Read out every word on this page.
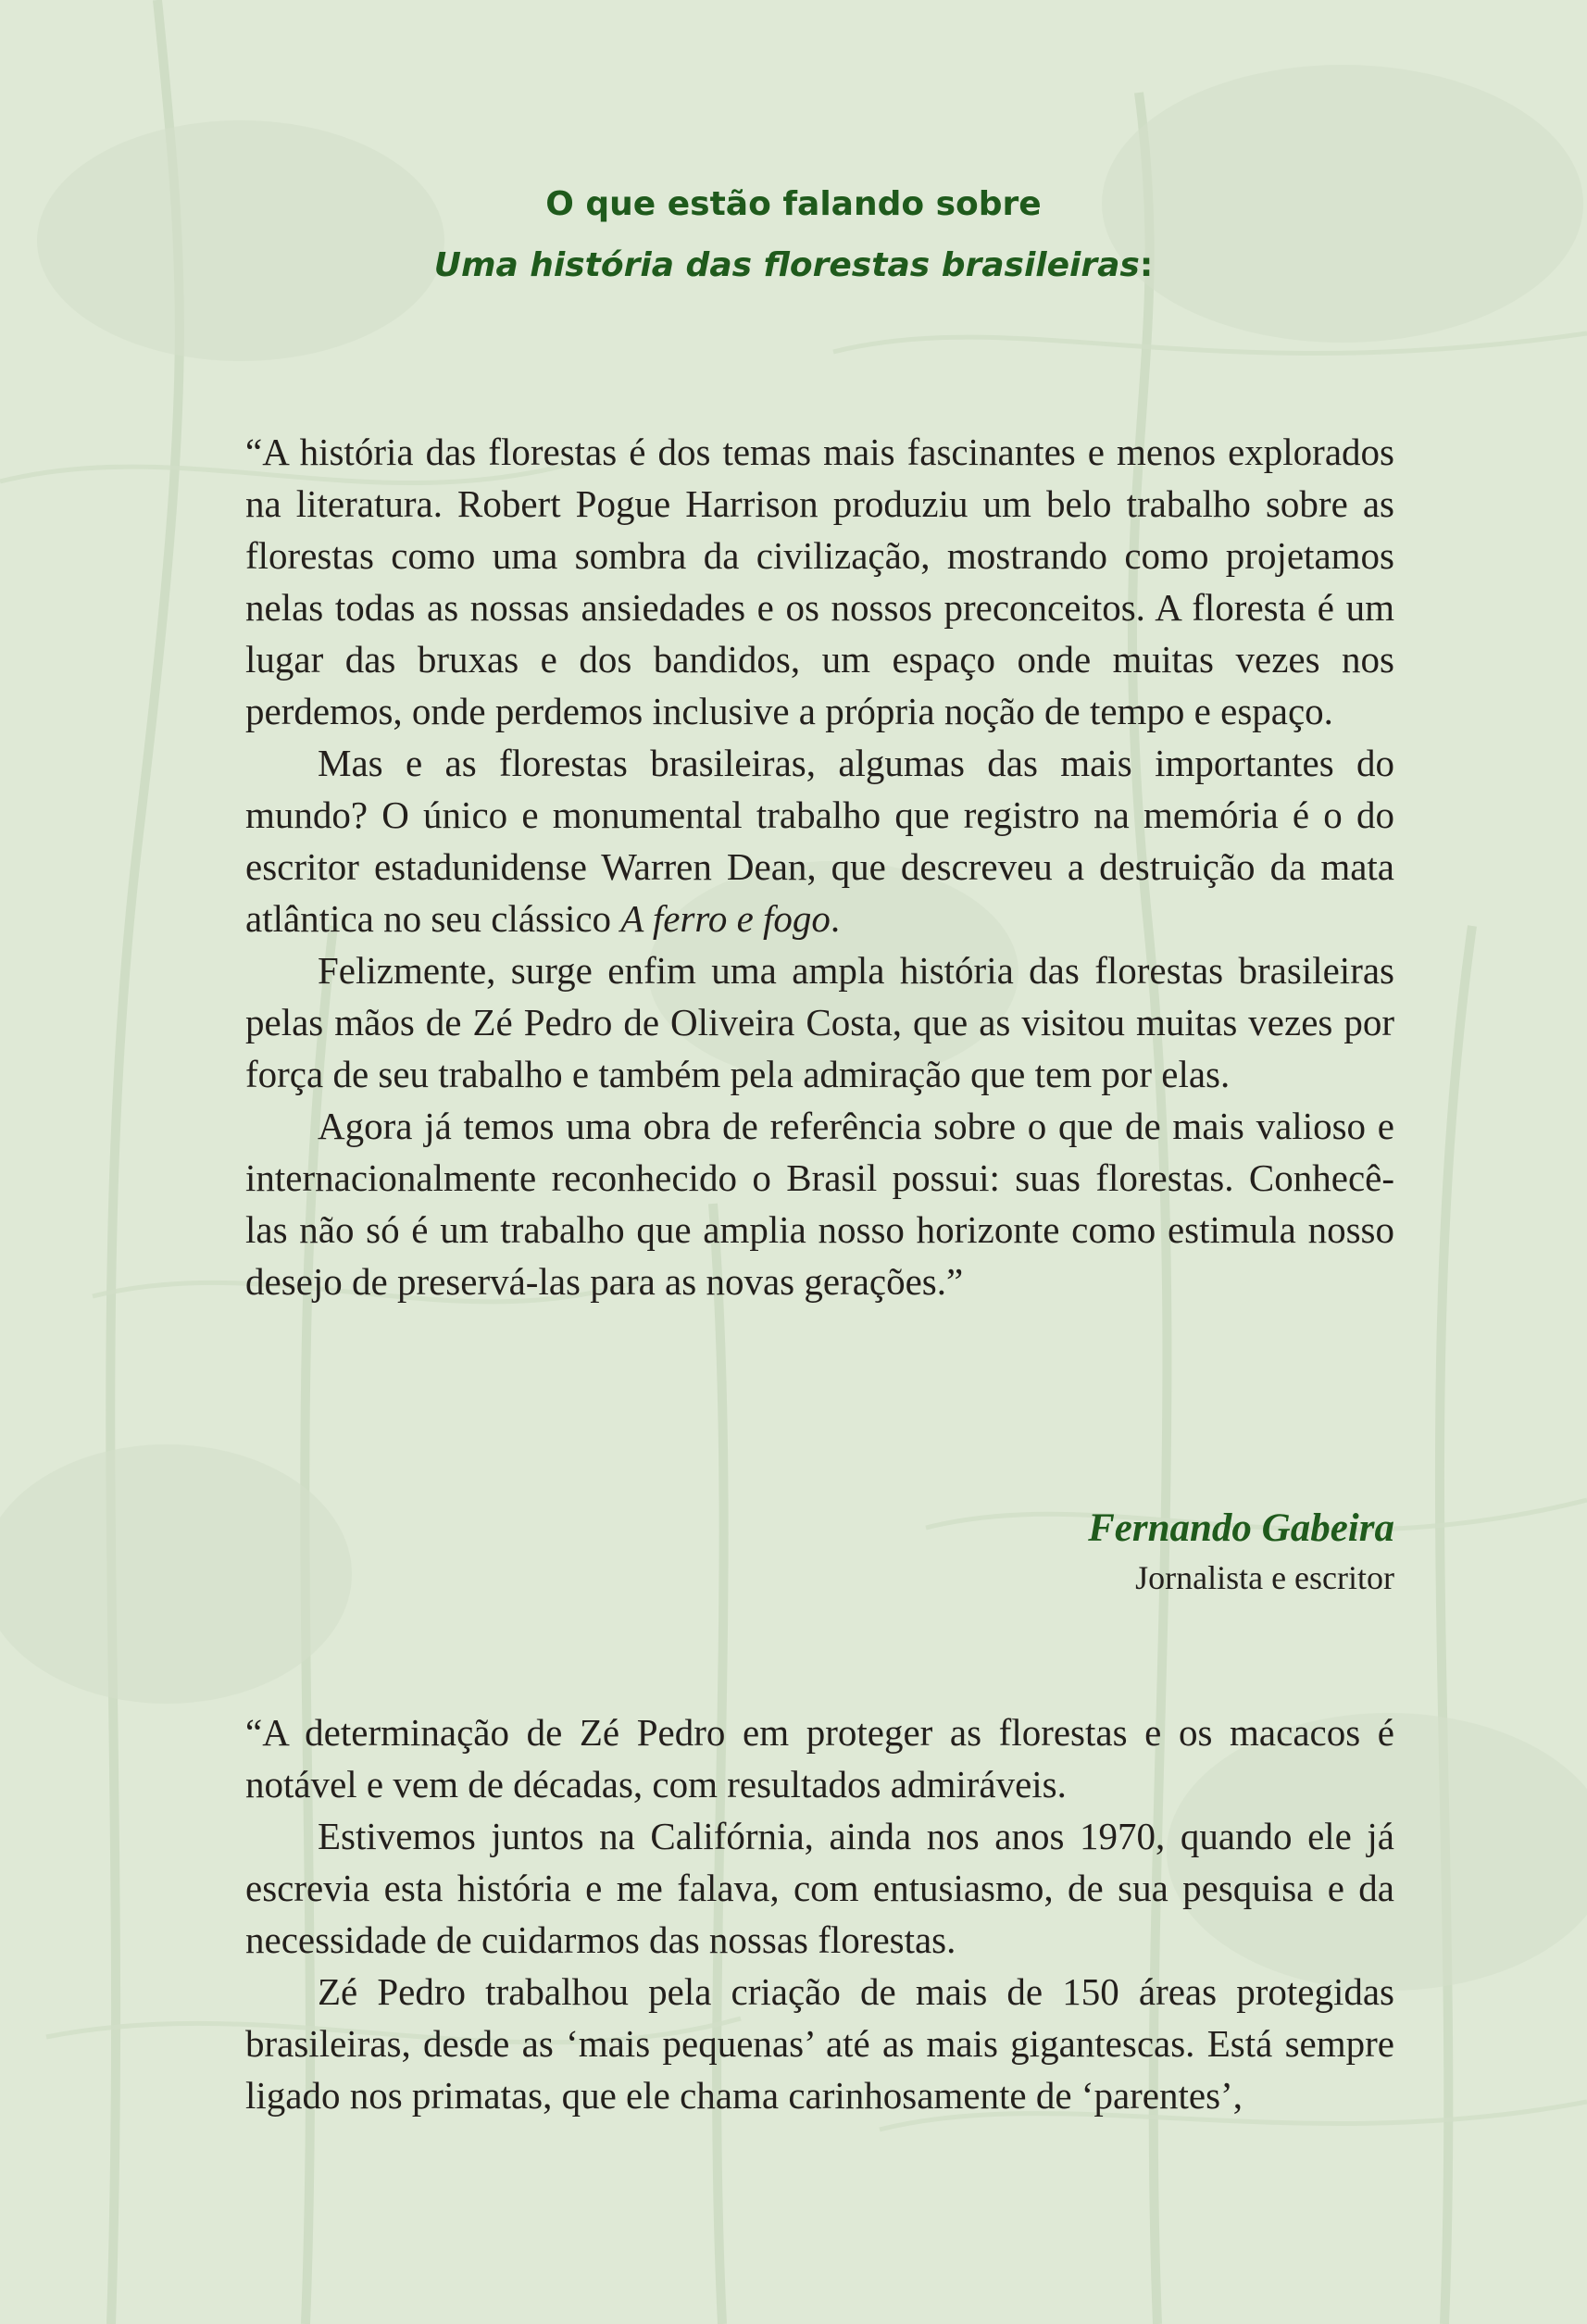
O que estão falando sobre
Uma história das florestas brasileiras:

“A história das florestas é dos temas mais fascinantes e menos explorados na literatura. Robert Pogue Harrison produziu um belo trabalho sobre as florestas como uma sombra da civilização, mostrando como projetamos nelas todas as nossas ansiedades e os nossos preconceitos. A floresta é um lugar das bruxas e dos bandidos, um espaço onde muitas vezes nos perdemos, onde perdemos inclusive a própria noção de tempo e espaço.

Mas e as florestas brasileiras, algumas das mais importantes do mundo? O único e monumental trabalho que registro na memória é o do escritor estadunidense Warren Dean, que descreveu a destruição da mata atlântica no seu clássico A ferro e fogo.

Felizmente, surge enfim uma ampla história das florestas brasileiras pelas mãos de Zé Pedro de Oliveira Costa, que as visitou muitas vezes por força de seu trabalho e também pela admiração que tem por elas.

Agora já temos uma obra de referência sobre o que de mais valioso e internacionalmente reconhecido o Brasil possui: suas florestas. Conhecê-las não só é um trabalho que amplia nosso horizonte como estimula nosso desejo de preservá-las para as novas gerações.”

Fernando Gabeira
Jornalista e escritor

“A determinação de Zé Pedro em proteger as florestas e os macacos é notável e vem de décadas, com resultados admiráveis.

Estivemos juntos na Califórnia, ainda nos anos 1970, quando ele já escrevia esta história e me falava, com entusiasmo, de sua pesquisa e da necessidade de cuidarmos das nossas florestas.

Zé Pedro trabalhou pela criação de mais de 150 áreas protegidas brasileiras, desde as ‘mais pequenas’ até as mais gigantescas. Está sempre ligado nos primatas, que ele chama carinhosamente de ‘parentes’,
